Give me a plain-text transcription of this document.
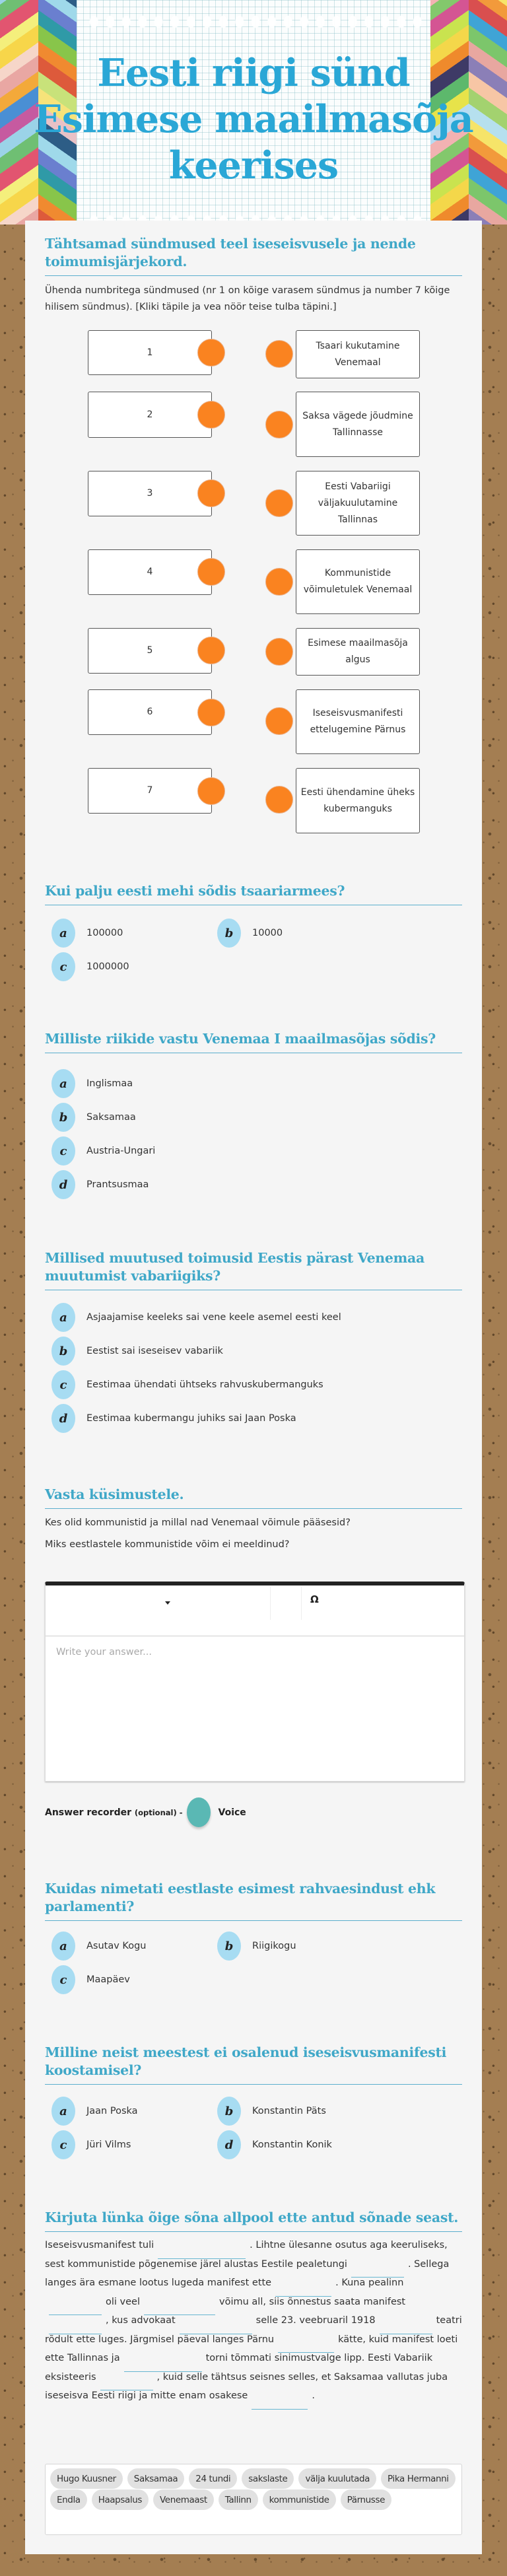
Eesti riigi sünd
Esimese maailmasõja
keerises
Tähtsamad sündmused teel iseseisvusele ja nende toimumisjärjekord.

Ühenda numbritega sündmused (nr 1 on kõige varasem sündmus ja number 7 kõige hilisem sündmus). [Kliki täpile ja vea nöör teise tulba täpini.]

1
2
3
4
5
6
7
Tsaari kukutamine Venemaal
Saksa vägede jõudmine Tallinnasse
Eesti Vabariigi väljakuulutamine Tallinnas
Kommunistide võimuletulek Venemaal
Esimese maailmasõja algus
Iseseisvusmanifesti ettelugemine Pärnus
Eesti ühendamine üheks kubermanguks
Kui palju eesti mehi sõdis tsaariarmees?
a	100000	b	10000
c	1000000
Milliste riikide vastu Venemaa I maailmasõjas sõdis?
a	Inglismaa
b	Saksamaa
c	Austria-Ungari
d	Prantsusmaa
Millised muutused toimusid Eestis pärast Venemaa muutumist vabariigiks?
a	Asjaajamise keeleks sai vene keele asemel eesti keel
b	Eestist sai iseseisev vabariik
c	Eestimaa ühendati ühtseks rahvuskubermanguks
d	Eestimaa kubermangu juhiks sai Jaan Poska
Vasta küsimustele.

Kes olid kommunistid ja millal nad Venemaal võimule pääsesid?

Miks eestlastele kommunistide võim ei meeldinud?

Ω
Write your answer...
Answer recorder (optional) -	Voice
Kuidas nimetati eestlaste esimest rahvaesindust ehk parlamenti?
a	Asutav Kogu	b	Riigikogu
c	Maapäev
Milline neist meestest ei osalenud iseseisvusmanifesti koostamisel?
a	Jaan Poska	b	Konstantin Päts
c	Jüri Vilms	d	Konstantin Konik
Kirjuta lünka õige sõna allpool ette antud sõnade seast.

Iseseisvusmanifest tuli	. Lihtne ülesanne osutus aga keeruliseks, sest kommunistide põgenemise järel alustas Eestile pealetungi	. Sellega langes ära esmane lootus lugeda manifest ette	. Kuna pealinnoli veel	võimu all, siis õnnestus saata manifest, kus advokaat	selle 23. veebruaril 1918	teatri rõdult ette luges. Järgmisel päeval langes Pärnu	kätte, kuid manifest loeti ette Tallinnas ja	torni tõmmati sinimustvalge lipp. Eesti Vabariik eksisteeris	, kuid selle tähtsus seisnes selles, et Saksamaa vallutas juba iseseisva Eesti riigi ja mitte enam osakese	.

Hugo Kuusner	Saksamaa	24 tundi	sakslaste	välja kuulutada	Pika Hermanni
Endla	Haapsalus	Venemaast	Tallinn	kommunistide	Pärnusse
